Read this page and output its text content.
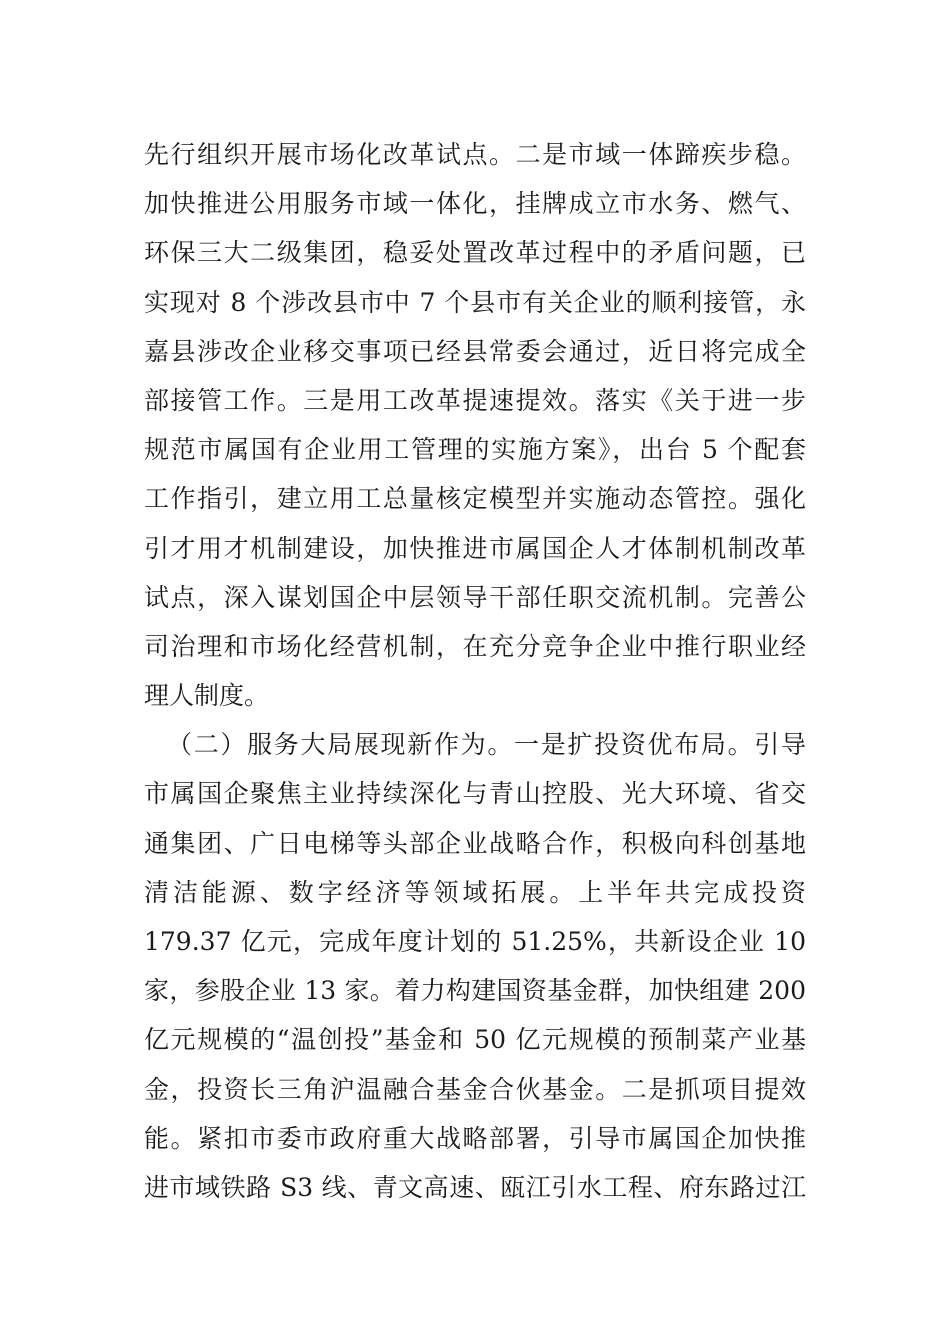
先行组织开展市场化改革试点。二是市域一体蹄疾步稳。
加快推进公用服务市域一体化，挂牌成立市水务、燃气、
环保三大二级集团，稳妥处置改革过程中的矛盾问题，已
实现对 8 个涉改县市中 7 个县市有关企业的顺利接管，永
嘉县涉改企业移交事项已经县常委会通过，近日将完成全
部接管工作。三是用工改革提速提效。落实《关于进一步
规范市属国有企业用工管理的实施方案》，出台 5 个配套
工作指引，建立用工总量核定模型并实施动态管控。强化
引才用才机制建设，加快推进市属国企人才体制机制改革
试点，深入谋划国企中层领导干部任职交流机制。完善公
司治理和市场化经营机制，在充分竞争企业中推行职业经
理人制度。
（二）服务大局展现新作为。一是扩投资优布局。引导
市属国企聚焦主业持续深化与青山控股、光大环境、省交
通集团、广日电梯等头部企业战略合作，积极向科创基地
清洁能源、数字经济等领域拓展。上半年共完成投资
179.37 亿元，完成年度计划的 51.25%，共新设企业 10
家，参股企业 13 家。着力构建国资基金群，加快组建 200
亿元规模的“温创投”基金和 50 亿元规模的预制菜产业基
金，投资长三角沪温融合基金合伙基金。二是抓项目提效
能。紧扣市委市政府重大战略部署，引导市属国企加快推
进市域铁路 S3 线、青文高速、瓯江引水工程、府东路过江
